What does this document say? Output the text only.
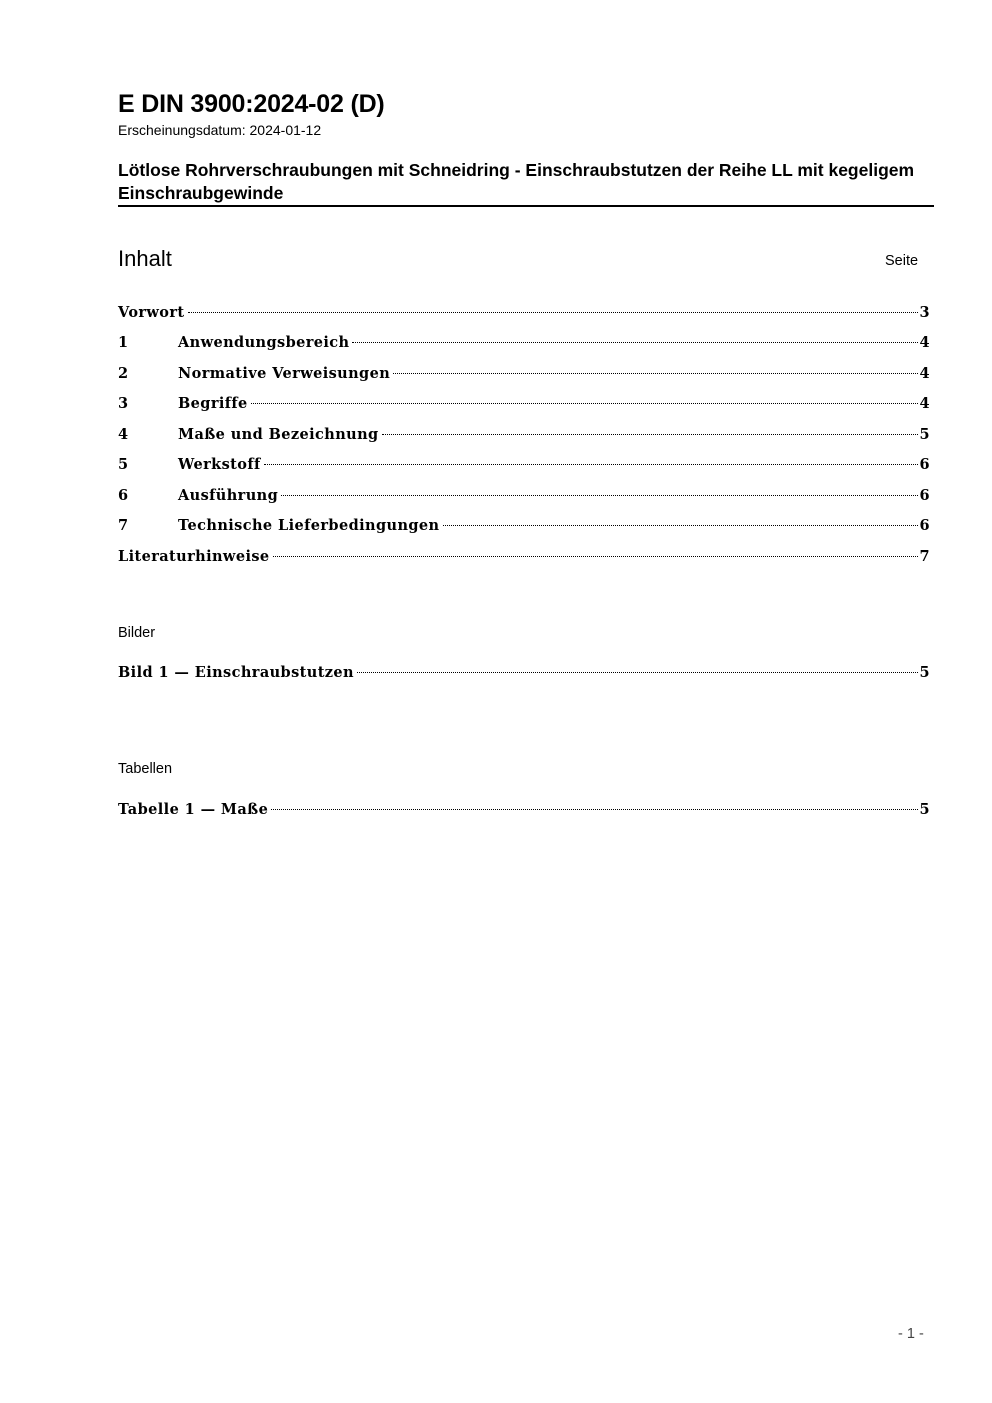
E DIN 3900:2024-02 (D)
Erscheinungsdatum: 2024-01-12
Lötlose Rohrverschraubungen mit Schneidring - Einschraubstutzen der Reihe LL mit kegeligem Einschraubgewinde
Inhalt	Seite
Vorwort	3
1	Anwendungsbereich	4
2	Normative Verweisungen	4
3	Begriffe	4
4	Maße und Bezeichnung	5
5	Werkstoff	6
6	Ausführung	6
7	Technische Lieferbedingungen	6
Literaturhinweise	7
Bilder
Bild 1 — Einschraubstutzen	5
Tabellen
Tabelle 1 — Maße	5
- 1 -
